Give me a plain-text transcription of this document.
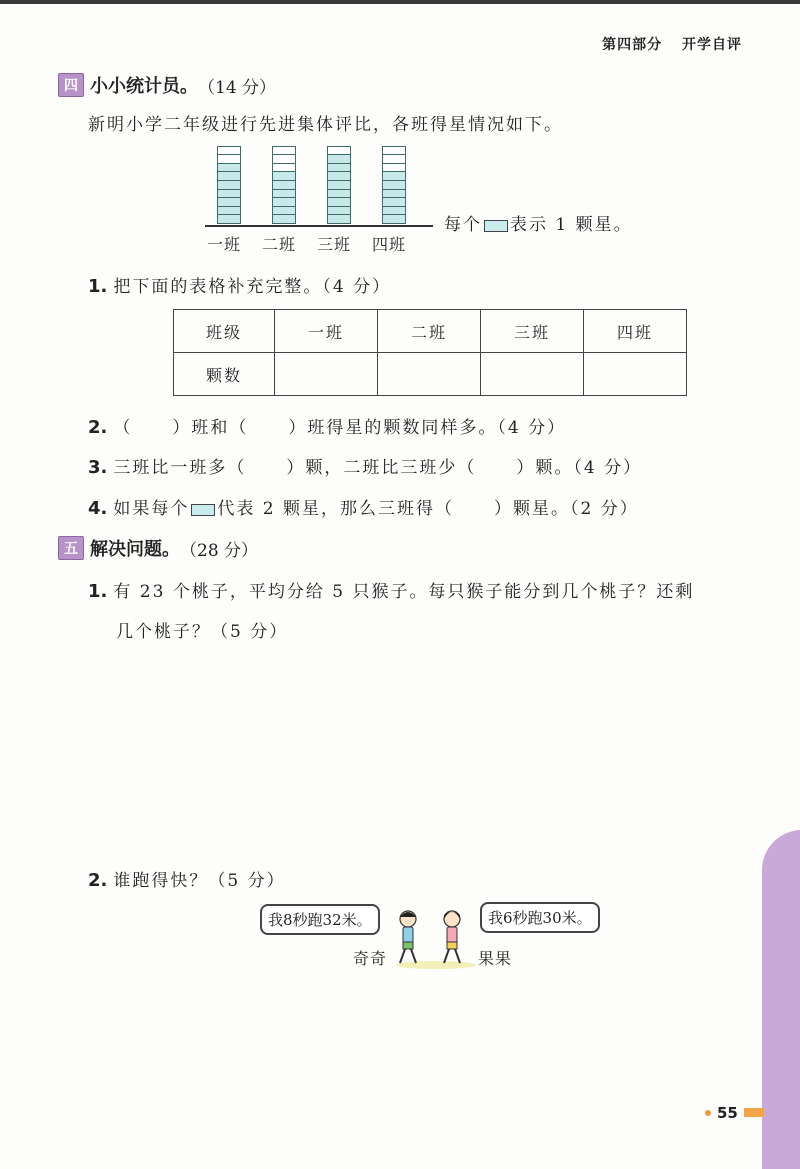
第四部分 开学自评
四 小小统计员。 （14 分）
新明小学二年级进行先进集体评比，各班得星情况如下。
一班 二班 三班 四班
每个 表示 1 颗星。
1. 把下面的表格补充完整。（4 分）
班级	一班	二班	三班	四班
颗数				
2. （ ）班和（ ）班得星的颗数同样多。（4 分）
3. 三班比一班多（ ）颗，二班比三班少（ ）颗。（4 分）
4. 如果每个 代表 2 颗星，那么三班得（ ）颗星。（2 分）
五 解决问题。 （28 分）
1. 有 23 个桃子，平均分给 5 只猴子。每只猴子能分到几个桃子？还剩
几个桃子？（5 分）
2. 谁跑得快？（5 分）
我8秒跑32米。	我6秒跑30米。
奇奇	果果
55
